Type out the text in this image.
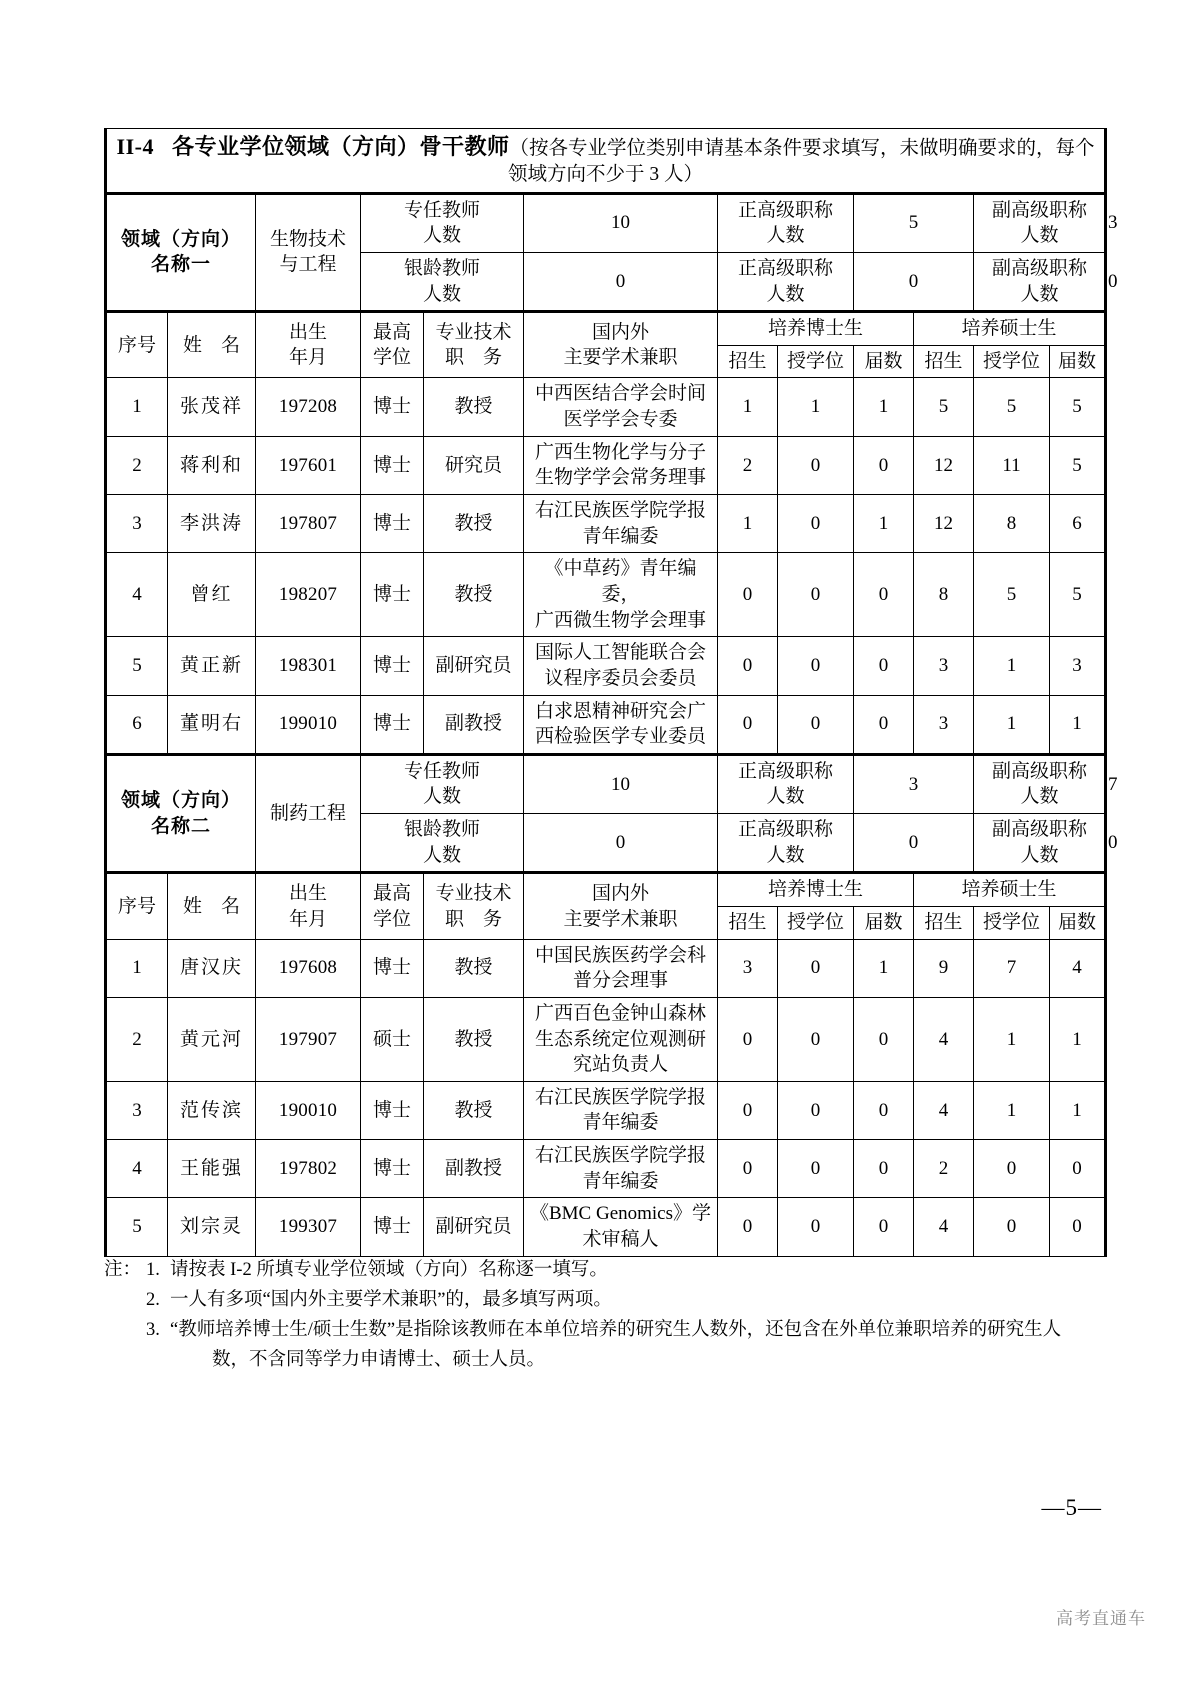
II-4 各专业学位领域（方向）骨干教师（按各专业学位类别申请基本条件要求填写，未做明确要求的，每个领域方向不少于 3 人）												

领域（方向）
名称一

生物技术
与工程

专任教师
人数
	10	
正高级职称
人数
	5	
副高级职称
人数
	3

银龄教师
人数
	0	
正高级职称
人数
	0	
副高级职称
人数
	0
序号	姓　名	
出生
年月

最高
学位

专业技术
职　务

国内外
主要学术兼职
	培养博士生	培养硕士生
						招生	授学位	届数	招生	授学位	届数	
1	张茂祥	197208	博士	教授	中西医结合学会时间
医学学会专委	1	1	1	5	5	5	
2	蒋利和	197601	博士	研究员	广西生物化学与分子
生物学学会常务理事	2	0	0	12	11	5	
3	李洪涛	197807	博士	教授	右江民族医学院学报
青年编委	1	0	1	12	8	6	
4	曾红	198207	博士	教授	《中草药》青年编委，
广西微生物学会理事	0	0	0	8	5	5	
5	黄正新	198301	博士	副研究员	国际人工智能联合会
议程序委员会委员	0	0	0	3	1	3	
6	董明右	199010	博士	副教授	白求恩精神研究会广
西检验医学专业委员	0	0	0	3	1	1	

领域（方向）
名称二
	制药工程	
专任教师
人数
	10	
正高级职称
人数
	3	
副高级职称
人数
	7

银龄教师
人数
	0	
正高级职称
人数
	0	
副高级职称
人数
	0
序号	姓　名	
出生
年月

最高
学位

专业技术
职　务

国内外
主要学术兼职
	培养博士生	培养硕士生
						招生	授学位	届数	招生	授学位	届数	
1	唐汉庆	197608	博士	教授	中国民族医药学会科
普分会理事	3	0	1	9	7	4	
2	黄元河	197907	硕士	教授	广西百色金钟山森林
生态系统定位观测研
究站负责人	0	0	0	4	1	1	
3	范传滨	190010	博士	教授	右江民族医学院学报
青年编委	0	0	0	4	1	1	
4	王能强	197802	博士	副教授	右江民族医学院学报
青年编委	0	0	0	2	0	0	
5	刘宗灵	199307	博士	副研究员	《BMC Genomics》学
术审稿人	0	0	0	4	0	0	
注： 1. 请按表 I-2 所填专业学位领域（方向）名称逐一填写。
2. 一人有多项“国内外主要学术兼职”的，最多填写两项。
3. “教师培养博士生/硕士生数”是指除该教师在本单位培养的研究生人数外，还包含在外单位兼职培养的研究生人
数，不含同等学力申请博士、硕士人员。
—5—
高考直通车
